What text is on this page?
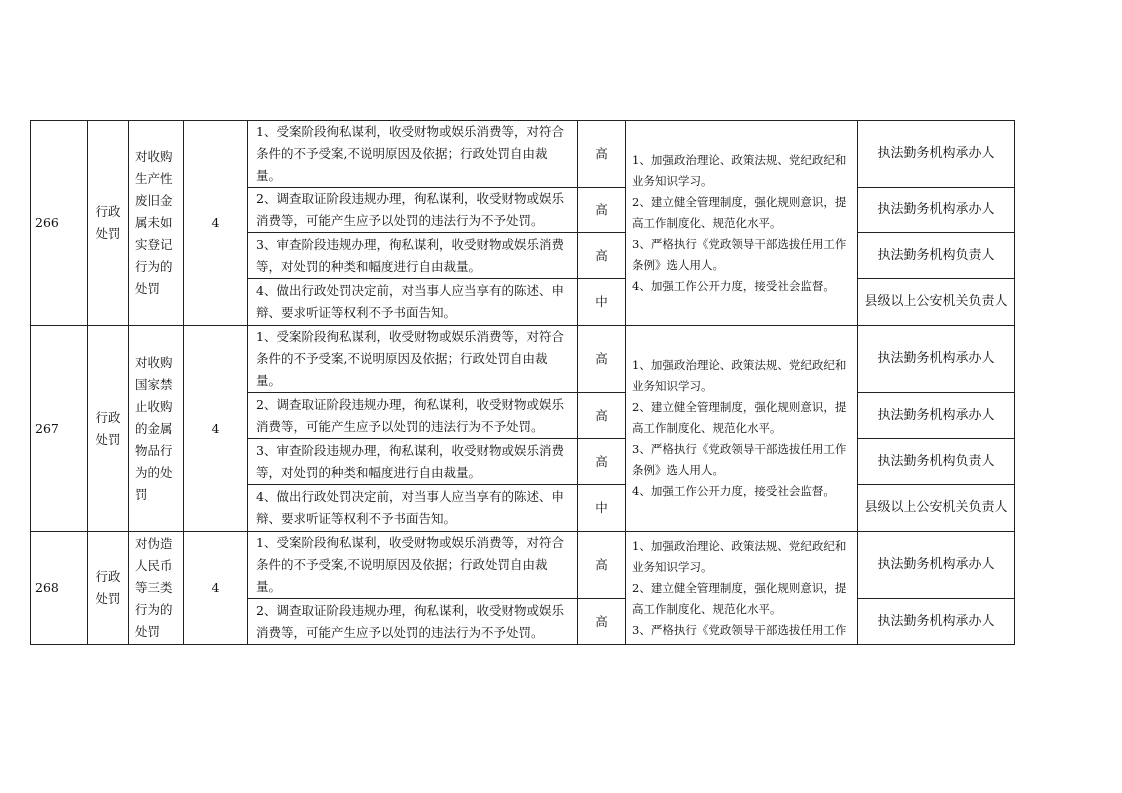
266	行政处罚	对收购生产性废旧金属未如实登记行为的处罚	4	1、受案阶段徇私谋利，收受财物或娱乐消费等，对符合条件的不予受案,不说明原因及依据；行政处罚自由裁量。	高	1、加强政治理论、政策法规、党纪政纪和业务知识学习。
2、建立健全管理制度，强化规则意识，提高工作制度化、规范化水平。
3、严格执行《党政领导干部选拔任用工作条例》选人用人。
4、加强工作公开力度，接受社会监督。	执法勤务机构承办人
				2、调查取证阶段违规办理，徇私谋利，收受财物或娱乐消费等，可能产生应予以处罚的违法行为不予处罚。	高		执法勤务机构承办人
				3、审查阶段违规办理，徇私谋利，收受财物或娱乐消费等，对处罚的种类和幅度进行自由裁量。	高		执法勤务机构负责人
				4、做出行政处罚决定前，对当事人应当享有的陈述、申辩、要求听证等权利不予书面告知。	中		县级以上公安机关负责人
267	行政处罚	对收购国家禁止收购的金属物品行为的处罚	4	1、受案阶段徇私谋利，收受财物或娱乐消费等，对符合条件的不予受案,不说明原因及依据；行政处罚自由裁量。	高	1、加强政治理论、政策法规、党纪政纪和业务知识学习。
2、建立健全管理制度，强化规则意识，提高工作制度化、规范化水平。
3、严格执行《党政领导干部选拔任用工作条例》选人用人。
4、加强工作公开力度，接受社会监督。	执法勤务机构承办人
				2、调查取证阶段违规办理，徇私谋利，收受财物或娱乐消费等，可能产生应予以处罚的违法行为不予处罚。	高		执法勤务机构承办人
				3、审查阶段违规办理，徇私谋利，收受财物或娱乐消费等，对处罚的种类和幅度进行自由裁量。	高		执法勤务机构负责人
				4、做出行政处罚决定前，对当事人应当享有的陈述、申辩、要求听证等权利不予书面告知。	中		县级以上公安机关负责人
268	行政处罚	对伪造人民币等三类行为的处罚	4	1、受案阶段徇私谋利，收受财物或娱乐消费等，对符合条件的不予受案,不说明原因及依据；行政处罚自由裁量。	高	1、加强政治理论、政策法规、党纪政纪和业务知识学习。
2、建立健全管理制度，强化规则意识，提高工作制度化、规范化水平。
3、严格执行《党政领导干部选拔任用工作	执法勤务机构承办人
				2、调查取证阶段违规办理，徇私谋利，收受财物或娱乐消费等，可能产生应予以处罚的违法行为不予处罚。	高		执法勤务机构承办人
